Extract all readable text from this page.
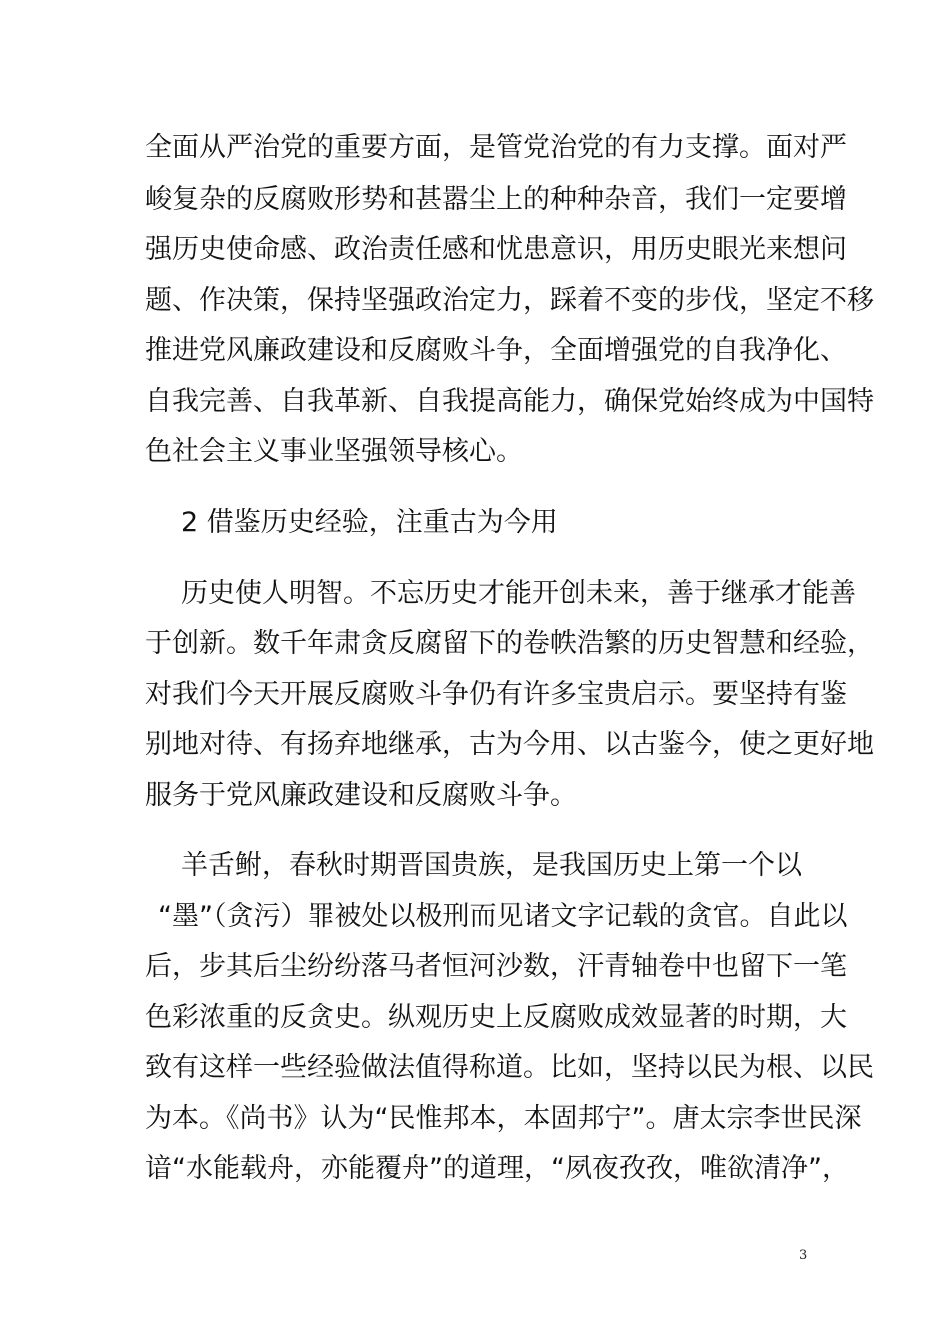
全面从严治党的重要方面，是管党治党的有力支撑。面对严
峻复杂的反腐败形势和甚嚣尘上的种种杂音，我们一定要增
强历史使命感、政治责任感和忧患意识，用历史眼光来想问
题、作决策，保持坚强政治定力，踩着不变的步伐，坚定不移
推进党风廉政建设和反腐败斗争，全面增强党的自我净化、
自我完善、自我革新、自我提高能力，确保党始终成为中国特
色社会主义事业坚强领导核心。
2 借鉴历史经验，注重古为今用
历史使人明智。不忘历史才能开创未来，善于继承才能善
于创新。数千年肃贪反腐留下的卷帙浩繁的历史智慧和经验，
对我们今天开展反腐败斗争仍有许多宝贵启示。要坚持有鉴
别地对待、有扬弃地继承，古为今用、以古鉴今，使之更好地
服务于党风廉政建设和反腐败斗争。
羊舌鲋，春秋时期晋国贵族，是我国历史上第一个以
“墨”（贪污）罪被处以极刑而见诸文字记载的贪官。自此以
后，步其后尘纷纷落马者恒河沙数，汗青轴卷中也留下一笔
色彩浓重的反贪史。纵观历史上反腐败成效显著的时期，大
致有这样一些经验做法值得称道。比如，坚持以民为根、以民
为本。《尚书》认为“民惟邦本，本固邦宁”。唐太宗李世民深
谙“水能载舟，亦能覆舟”的道理，“夙夜孜孜，唯欲清净”，
3
